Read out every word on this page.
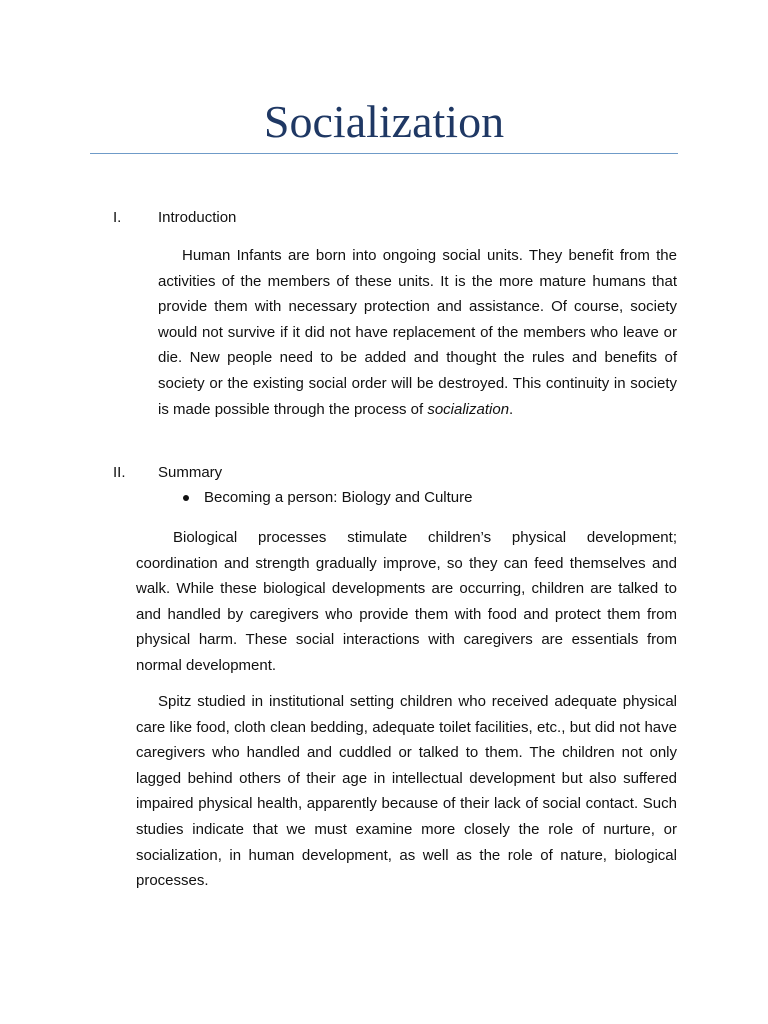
Socialization
I. Introduction

Human Infants are born into ongoing social units. They benefit from the activities of the members of these units. It is the more mature humans that provide them with necessary protection and assistance. Of course, society would not survive if it did not have replacement of the members who leave or die. New people need to be added and thought the rules and benefits of society or the existing social order will be destroyed. This continuity in society is made possible through the process of socialization.

II. Summary
Becoming a person: Biology and Culture

Biological processes stimulate children’s physical development; coordination and strength gradually improve, so they can feed themselves and walk. While these biological developments are occurring, children are talked to and handled by caregivers who provide them with food and protect them from physical harm. These social interactions with caregivers are essentials from normal development.

Spitz studied in institutional setting children who received adequate physical care like food, cloth clean bedding, adequate toilet facilities, etc., but did not have caregivers who handled and cuddled or talked to them. The children not only lagged behind others of their age in intellectual development but also suffered impaired physical health, apparently because of their lack of social contact. Such studies indicate that we must examine more closely the role of nurture, or socialization, in human development, as well as the role of nature, biological processes.
